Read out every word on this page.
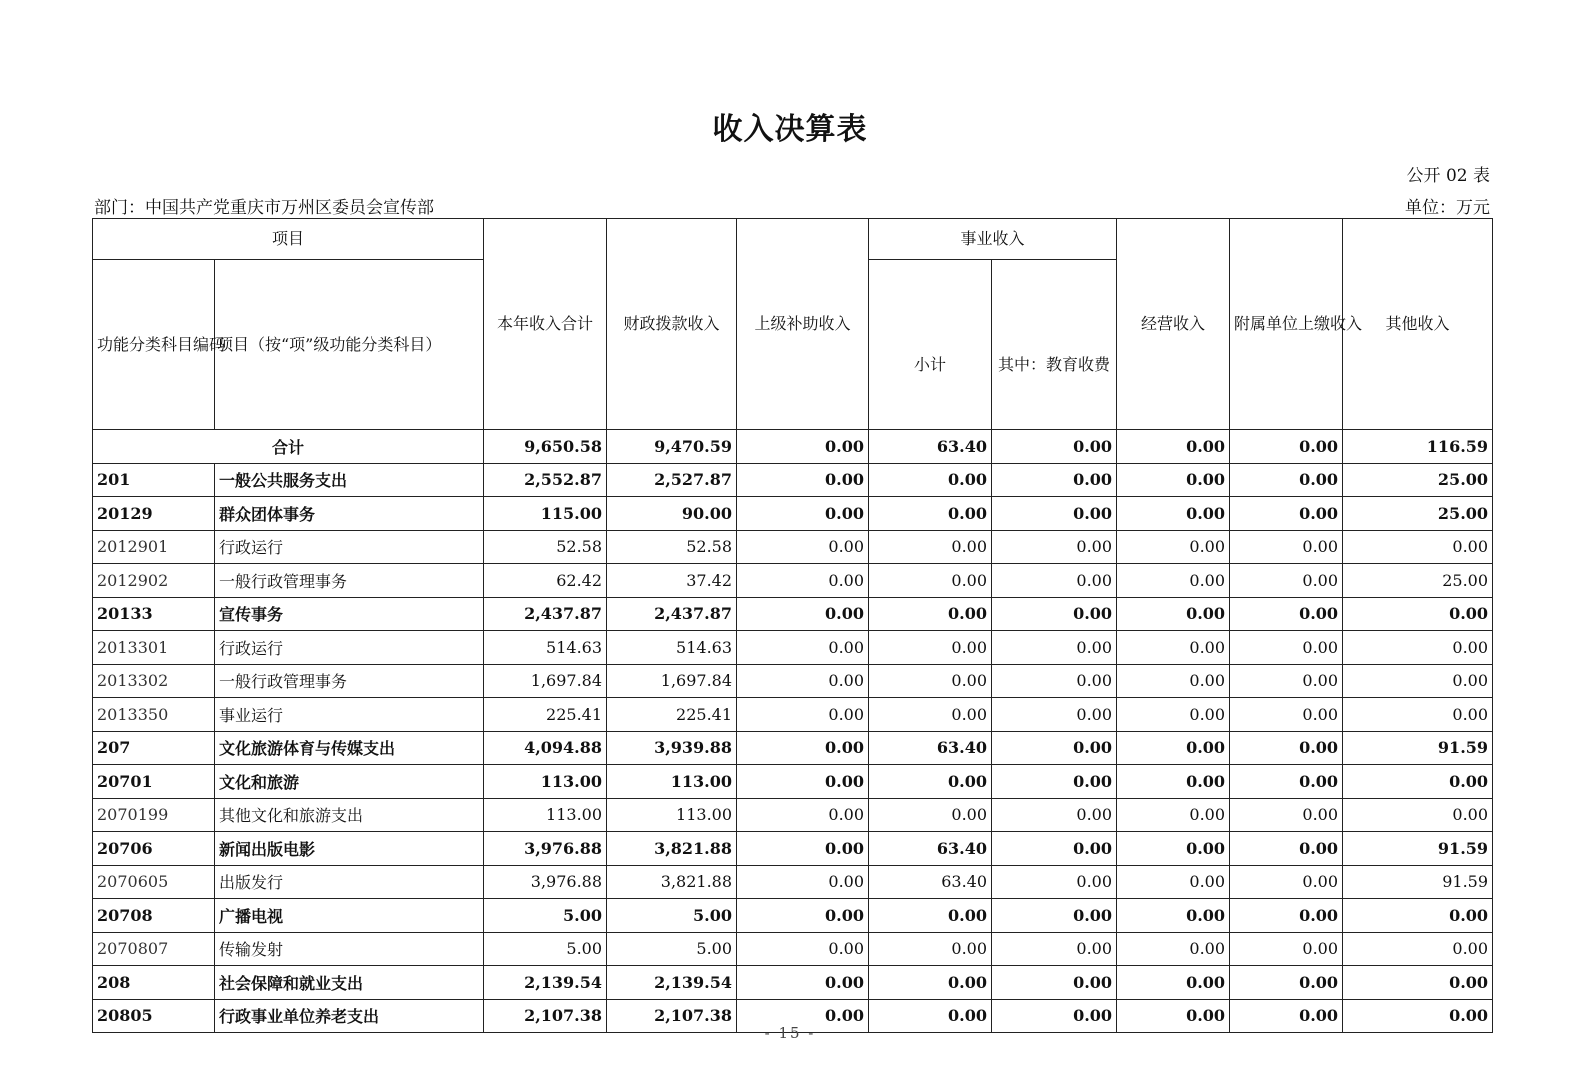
收入决算表
公开 02 表
部门：中国共产党重庆市万州区委员会宣传部	单位：万元
项目		本年收入合计	财政拨款收入	上级补助收入	事业收入		经营收入	附属单位上缴收入	其他收入
功能分类科目编码	项目（按“项”级功能分类科目）				小计	其中：教育收费			
合计		9,650.58	9,470.59	0.00	63.40	0.00	0.00	0.00	116.59
201	一般公共服务支出	2,552.87	2,527.87	0.00	0.00	0.00	0.00	0.00	25.00
20129	群众团体事务	115.00	90.00	0.00	0.00	0.00	0.00	0.00	25.00
2012901	行政运行	52.58	52.58	0.00	0.00	0.00	0.00	0.00	0.00
2012902	一般行政管理事务	62.42	37.42	0.00	0.00	0.00	0.00	0.00	25.00
20133	宣传事务	2,437.87	2,437.87	0.00	0.00	0.00	0.00	0.00	0.00
2013301	行政运行	514.63	514.63	0.00	0.00	0.00	0.00	0.00	0.00
2013302	一般行政管理事务	1,697.84	1,697.84	0.00	0.00	0.00	0.00	0.00	0.00
2013350	事业运行	225.41	225.41	0.00	0.00	0.00	0.00	0.00	0.00
207	文化旅游体育与传媒支出	4,094.88	3,939.88	0.00	63.40	0.00	0.00	0.00	91.59
20701	文化和旅游	113.00	113.00	0.00	0.00	0.00	0.00	0.00	0.00
2070199	其他文化和旅游支出	113.00	113.00	0.00	0.00	0.00	0.00	0.00	0.00
20706	新闻出版电影	3,976.88	3,821.88	0.00	63.40	0.00	0.00	0.00	91.59
2070605	出版发行	3,976.88	3,821.88	0.00	63.40	0.00	0.00	0.00	91.59
20708	广播电视	5.00	5.00	0.00	0.00	0.00	0.00	0.00	0.00
2070807	传输发射	5.00	5.00	0.00	0.00	0.00	0.00	0.00	0.00
208	社会保障和就业支出	2,139.54	2,139.54	0.00	0.00	0.00	0.00	0.00	0.00
20805	行政事业单位养老支出	2,107.38	2,107.38	0.00	0.00	0.00	0.00	0.00	0.00
- 15 -
